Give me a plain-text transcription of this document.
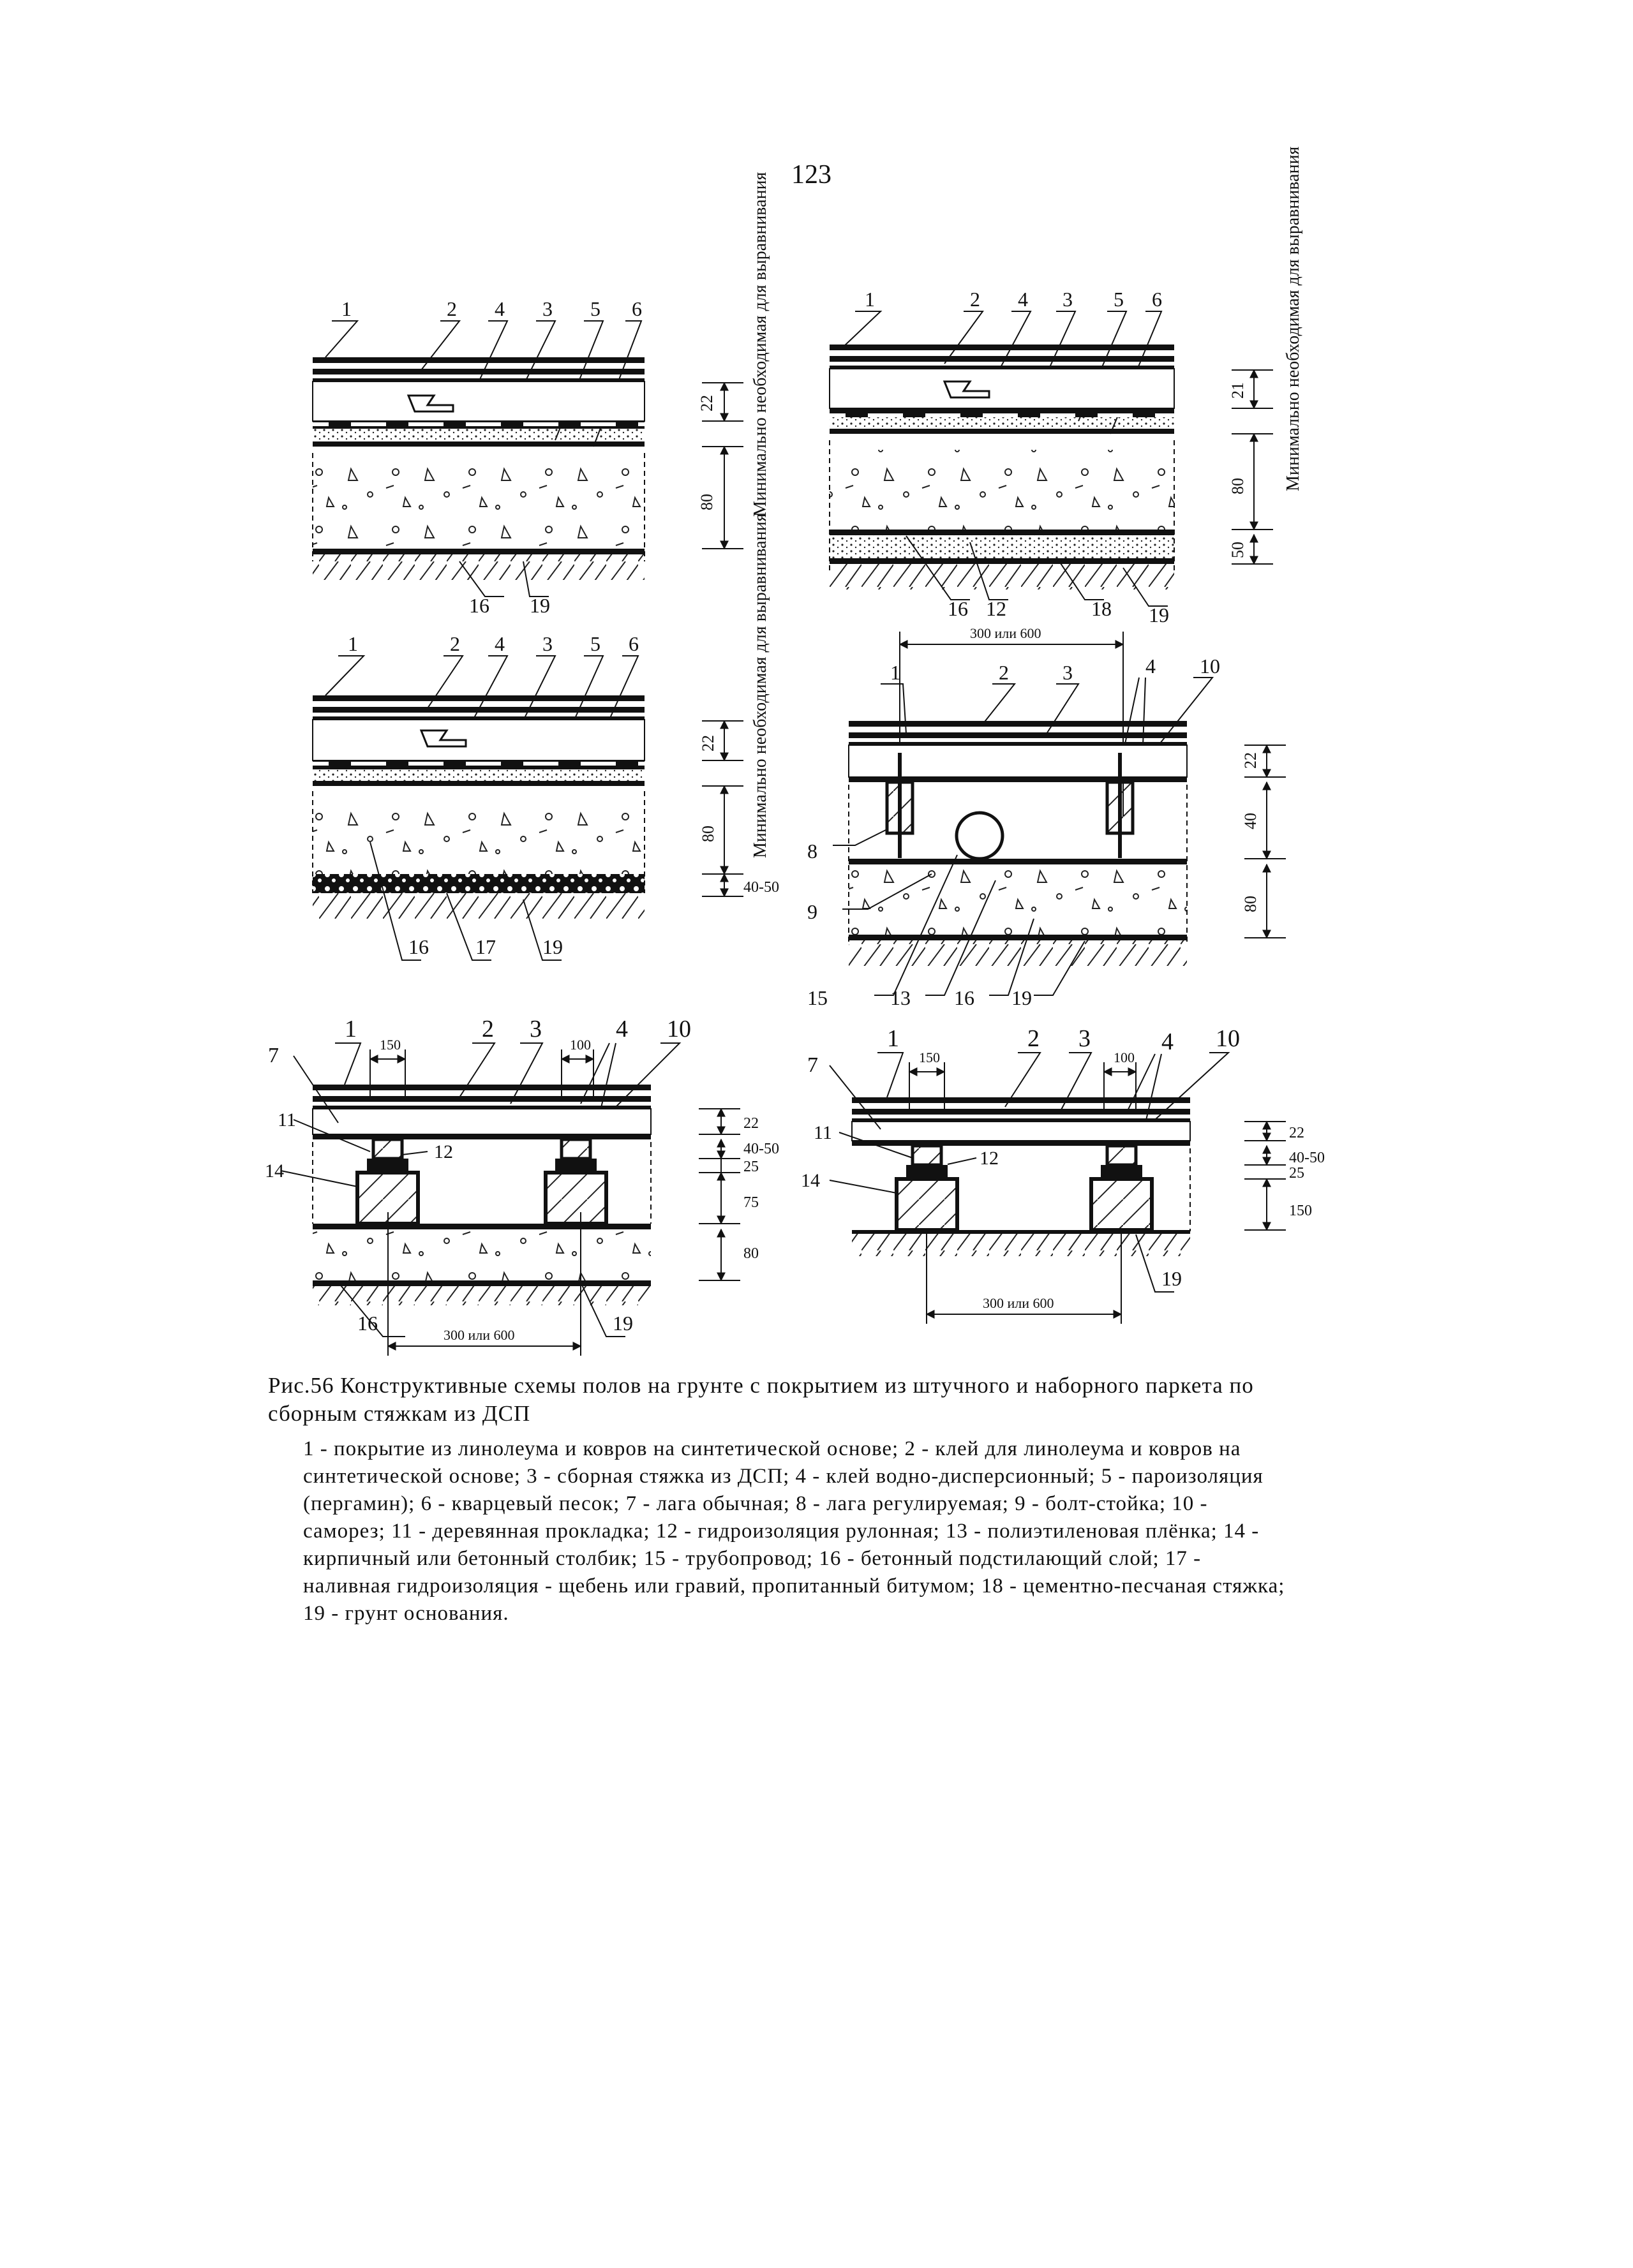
123
1	2 4 3 5 6
16 19
22
80 Минимально необходимая для выравнивания	1	2 4 3 5 6
16 12	18 19
21
80
50
Минимально необходимая для выравнивания
1	2 4 3 5 6
16 17 19
22
80
40-50
Минимально необходимая для выравнивания	300 или 600
1	2	3	4 10
8
9
15	13 16 19
22
40
80
1	2 3	4 10
150	100
7
11
12
14
16	19
300 или 600
22
40-50
25
75
80
1	2 3	4 10
150	100
7
11
12
14
19
300 или 600
22
40-50
25
150
Рис.56 Конструктивные схемы полов на грунте с покрытием из штучного и наборного паркета по сборным стяжкам из ДСП
1 - покрытие из линолеума и ковров на синтетической основе; 2 - клей для линолеума и ковров на синтетической основе; 3 - сборная стяжка из ДСП; 4 - клей водно-дисперсионный; 5 - пароизоляция (пергамин); 6 - кварцевый песок; 7 - лага обычная; 8 - лага регулируемая; 9 - болт-стойка; 10 - саморез; 11 - деревянная прокладка; 12 - гидроизоляция рулонная; 13 - полиэтиленовая плёнка; 14 - кирпичный или бетонный столбик; 15 - трубопровод; 16 - бетонный подстилающий слой; 17 - наливная гидроизоляция - щебень или гравий, пропитанный битумом; 18 - цементно-песчаная стяжка; 19 - грунт основания.
